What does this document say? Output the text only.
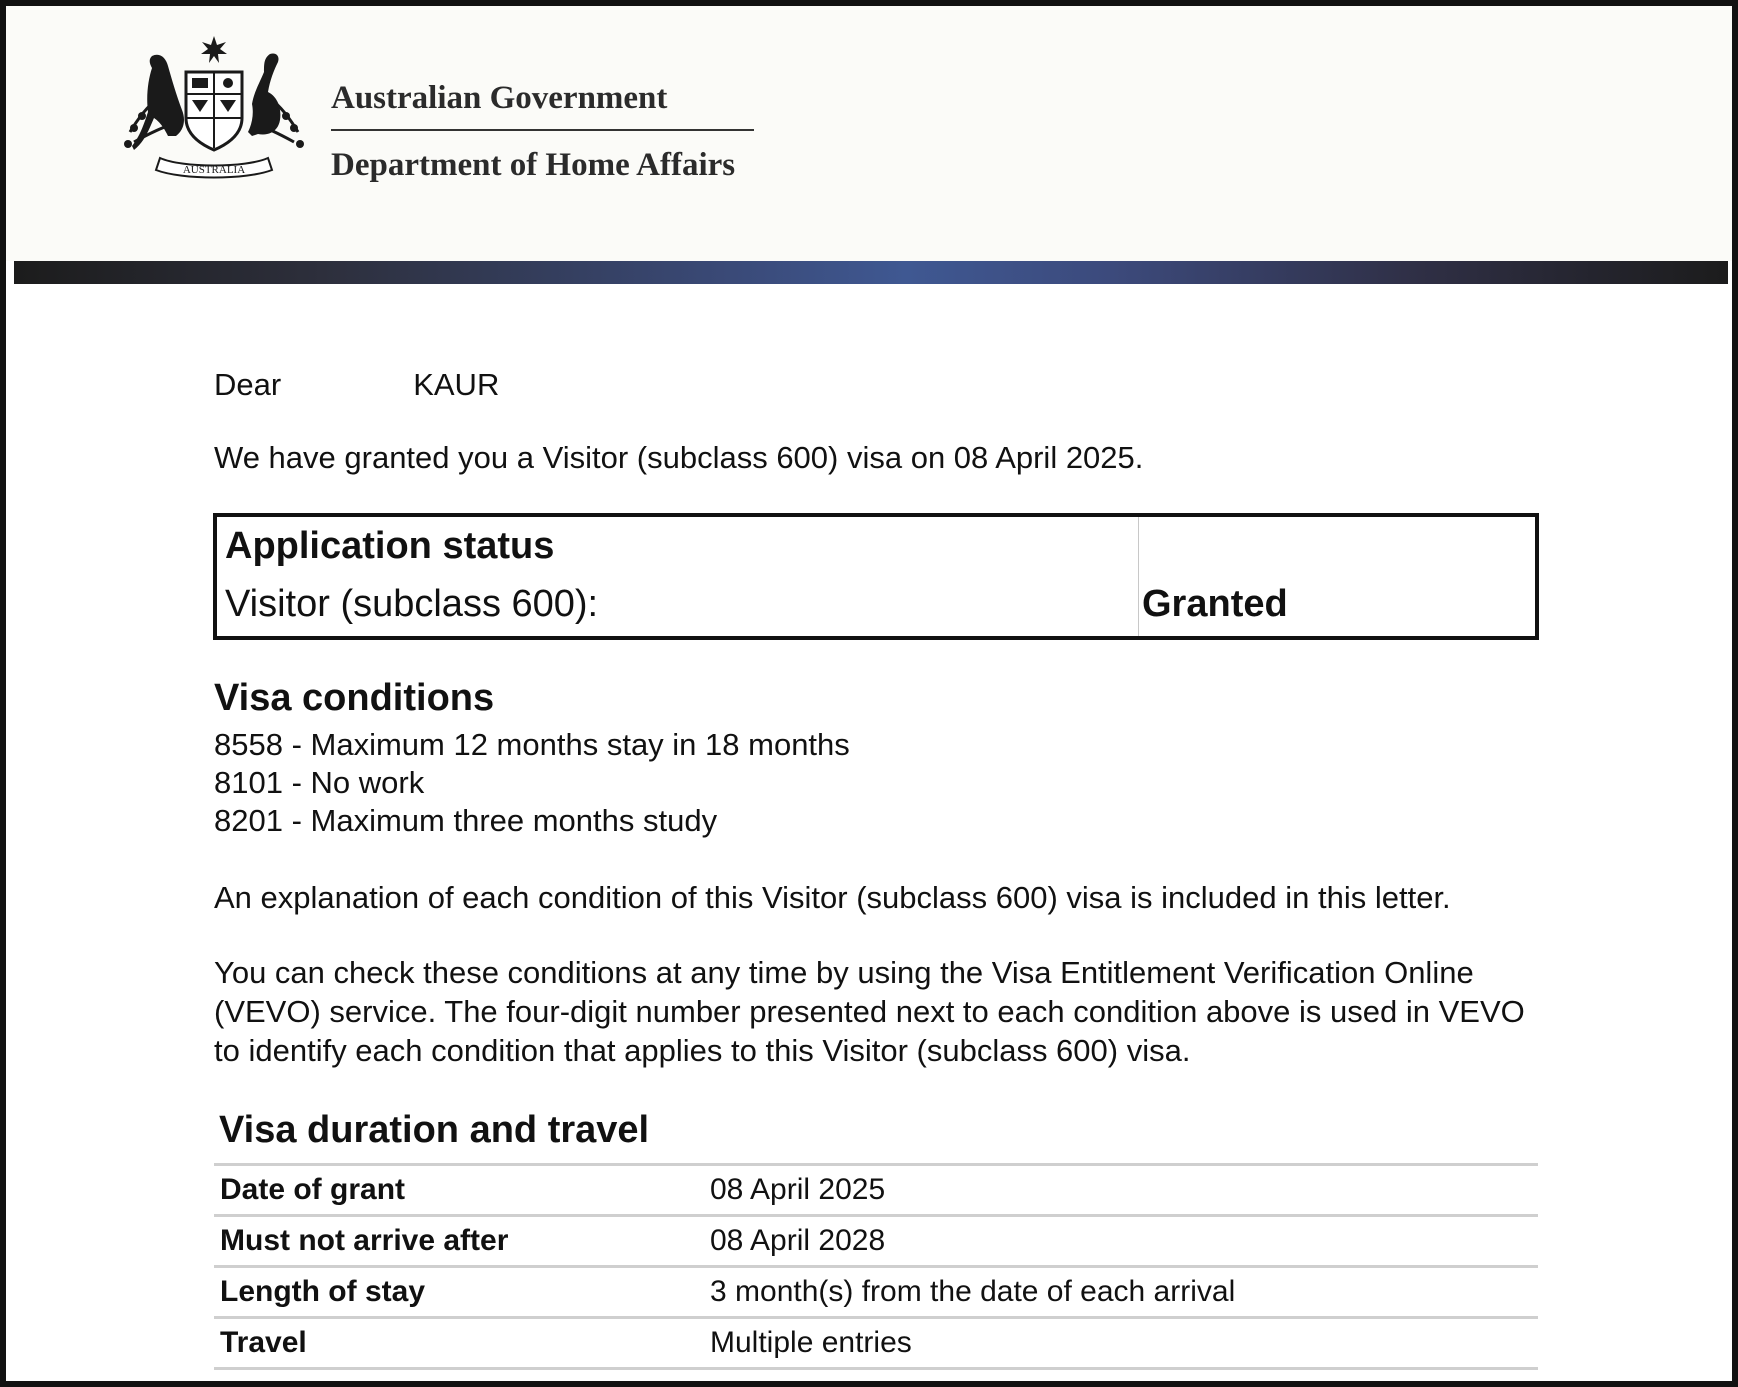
AUSTRALIA
Australian Government
Department of Home Affairs
Dear	KAUR
We have granted you a Visitor (subclass 600) visa on 08 April 2025.
Application status
Visitor (subclass 600):	Granted
Visa conditions
8558 - Maximum 12 months stay in 18 months
8101 - No work
8201 - Maximum three months study
An explanation of each condition of this Visitor (subclass 600) visa is included in this letter.
You can check these conditions at any time by using the Visa Entitlement Verification Online (VEVO) service. The four-digit number presented next to each condition above is used in VEVO to identify each condition that applies to this Visitor (subclass 600) visa.
Visa duration and travel
Date of grant	08 April 2025
Must not arrive after	08 April 2028
Length of stay	3 month(s) from the date of each arrival
Travel	Multiple entries
